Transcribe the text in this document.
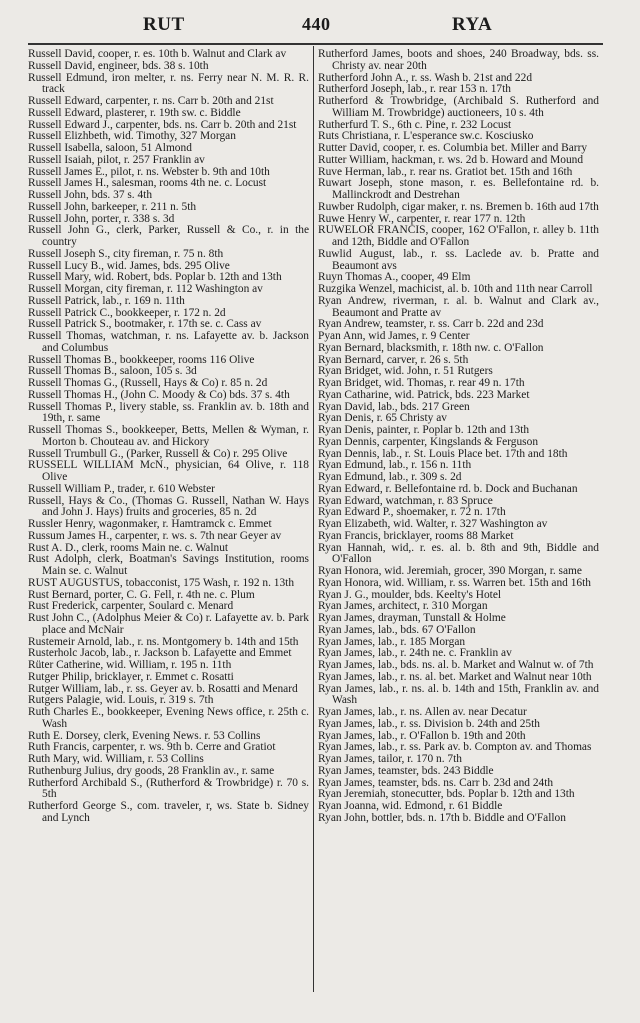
RUT	440	RYA

Russell David, cooper, r. es. 10th b. Walnut and Clark av

Russell David, engineer, bds. 38 s. 10th

Russell Edmund, iron melter, r. ns. Ferry near N. M. R. R. track

Russell Edward, carpenter, r. ns. Carr b. 20th and 21st

Russell Edward, plasterer, r. 19th sw. c. Biddle

Russell Edward J., carpenter, bds. ns. Carr b. 20th and 21st

Russell Elizhbeth, wid. Timothy, 327 Morgan

Russell Isabella, saloon, 51 Almond

Russell Isaiah, pilot, r. 257 Franklin av

Russell James E., pilot, r. ns. Webster b. 9th and 10th

Russell James H., salesman, rooms 4th ne. c. Locust

Russell John, bds. 37 s. 4th

Russell John, barkeeper, r. 211 n. 5th

Russell John, porter, r. 338 s. 3d

Russell John G., clerk, Parker, Russell & Co., r. in the country

Russell Joseph S., city fireman, r. 75 n. 8th

Russell Lucy B., wid. James, bds. 295 Olive

Russell Mary, wid. Robert, bds. Poplar b. 12th and 13th

Russell Morgan, city fireman, r. 112 Washington av

Russell Patrick, lab., r. 169 n. 11th

Russell Patrick C., bookkeeper, r. 172 n. 2d

Russell Patrick S., bootmaker, r. 17th se. c. Cass av

Russell Thomas, watchman, r. ns. Lafayette av. b. Jackson and Columbus

Russell Thomas B., bookkeeper, rooms 116 Olive

Russell Thomas B., saloon, 105 s. 3d

Russell Thomas G., (Russell, Hays & Co) r. 85 n. 2d

Russell Thomas H., (John C. Moody & Co) bds. 37 s. 4th

Russell Thomas P., livery stable, ss. Franklin av. b. 18th and 19th, r. same

Russell Thomas S., bookkeeper, Betts, Mellen & Wyman, r. Morton b. Chouteau av. and Hickory

Russell Trumbull G., (Parker, Russell & Co) r. 295 Olive

RUSSELL WILLIAM McN., physician, 64 Olive, r. 118 Olive

Russell William P., trader, r. 610 Webster

Russell, Hays & Co., (Thomas G. Russell, Nathan W. Hays and John J. Hays) fruits and groceries, 85 n. 2d

Russler Henry, wagonmaker, r. Hamtramck c. Emmet

Russum James H., carpenter, r. ws. s. 7th near Geyer av

Rust A. D., clerk, rooms Main ne. c. Walnut

Rust Adolph, clerk, Boatman's Savings Institution, rooms Main se. c. Walnut

RUST AUGUSTUS, tobacconist, 175 Wash, r. 192 n. 13th

Rust Bernard, porter, C. G. Fell, r. 4th ne. c. Plum

Rust Frederick, carpenter, Soulard c. Menard

Rust John C., (Adolphus Meier & Co) r. Lafayette av. b. Park place and McNair

Rustemeir Arnold, lab., r. ns. Montgomery b. 14th and 15th

Rusterholc Jacob, lab., r. Jackson b. Lafayette and Emmet

Rüter Catherine, wid. William, r. 195 n. 11th

Rutger Philip, bricklayer, r. Emmet c. Rosatti

Rutger William, lab., r. ss. Geyer av. b. Rosatti and Menard

Rutgers Palagie, wid. Louis, r. 319 s. 7th

Ruth Charles E., bookkeeper, Evening News office, r. 25th c. Wash

Ruth E. Dorsey, clerk, Evening News. r. 53 Collins

Ruth Francis, carpenter, r. ws. 9th b. Cerre and Gratiot

Ruth Mary, wid. William, r. 53 Collins

Ruthenburg Julius, dry goods, 28 Franklin av., r. same

Rutherford Archibald S., (Rutherford & Trowbridge) r. 70 s. 5th

Rutherford George S., com. traveler, r, ws. State b. Sidney and Lynch

Rutherford James, boots and shoes, 240 Broadway, bds. ss. Christy av. near 20th

Rutherford John A., r. ss. Wash b. 21st and 22d

Rutherford Joseph, lab., r. rear 153 n. 17th

Rutherford & Trowbridge, (Archibald S. Rutherford and William M. Trowbridge) auctioneers, 10 s. 4th

Rutherfurd T. S., 6th c. Pine, r. 232 Locust

Ruts Christiana, r. L'esperance sw.c. Kosciusko

Rutter David, cooper, r. es. Columbia bet. Miller and Barry

Rutter William, hackman, r. ws. 2d b. Howard and Mound

Ruve Herman, lab., r. rear ns. Gratiot bet. 15th and 16th

Ruwart Joseph, stone mason, r. es. Bellefontaine rd. b. Mallinckrodt and Destrehan

Ruwber Rudolph, cigar maker, r. ns. Bremen b. 16th aud 17th

Ruwe Henry W., carpenter, r. rear 177 n. 12th

RUWELOR FRANCIS, cooper, 162 O'Fallon, r. alley b. 11th and 12th, Biddle and O'Fallon

Ruwlid August, lab., r. ss. Laclede av. b. Pratte and Beaumont avs

Ruyn Thomas A., cooper, 49 Elm

Ruzgika Wenzel, machicist, al. b. 10th and 11th near Carroll

Ryan Andrew, riverman, r. al. b. Walnut and Clark av., Beaumont and Pratte av

Ryan Andrew, teamster, r. ss. Carr b. 22d and 23d

Pyan Ann, wid James, r. 9 Center

Ryan Bernard, blacksmith, r. 18th nw. c. O'Fallon

Ryan Bernard, carver, r. 26 s. 5th

Ryan Bridget, wid. John, r. 51 Rutgers

Ryan Bridget, wid. Thomas, r. rear 49 n. 17th

Ryan Catharine, wid. Patrick, bds. 223 Market

Ryan David, lab., bds. 217 Green

Ryan Denis, r. 65 Christy av

Ryan Denis, painter, r. Poplar b. 12th and 13th

Ryan Dennis, carpenter, Kingslands & Ferguson

Ryan Dennis, lab., r. St. Louis Place bet. 17th and 18th

Ryan Edmund, lab., r. 156 n. 11th

Ryan Edmund, lab., r. 309 s. 2d

Ryan Edward, r. Bellefontaine rd. b. Dock and Buchanan

Ryan Edward, watchman, r. 83 Spruce

Ryan Edward P., shoemaker, r. 72 n. 17th

Ryan Elizabeth, wid. Walter, r. 327 Washington av

Ryan Francis, bricklayer, rooms 88 Market

Ryan Hannah, wid,. r. es. al. b. 8th and 9th, Biddle and O'Fallon

Ryan Honora, wid. Jeremiah, grocer, 390 Morgan, r. same

Ryan Honora, wid. William, r. ss. Warren bet. 15th and 16th

Ryan J. G., moulder, bds. Keelty's Hotel

Ryan James, architect, r. 310 Morgan

Ryan James, drayman, Tunstall & Holme

Ryan James, lab., bds. 67 O'Fallon

Ryan James, lab., r. 185 Morgan

Ryan James, lab., r. 24th ne. c. Franklin av

Ryan James, lab., bds. ns. al. b. Market and Walnut w. of 7th

Ryan James, lab., r. ns. al. bet. Market and Walnut near 10th

Ryan James, lab., r. ns. al. b. 14th and 15th, Franklin av. and Wash

Ryan James, lab., r. ns. Allen av. near Decatur

Ryan James, lab., r. ss. Division b. 24th and 25th

Ryan James, lab., r. O'Fallon b. 19th and 20th

Ryan James, lab., r. ss. Park av. b. Compton av. and Thomas

Ryan James, tailor, r. 170 n. 7th

Ryan James, teamster, bds. 243 Biddle

Ryan James, teamster, bds. ns. Carr b. 23d and 24th

Ryan Jeremiah, stonecutter, bds. Poplar b. 12th and 13th

Ryan Joanna, wid. Edmond, r. 61 Biddle

Ryan John, bottler, bds. n. 17th b. Biddle and O'Fallon
